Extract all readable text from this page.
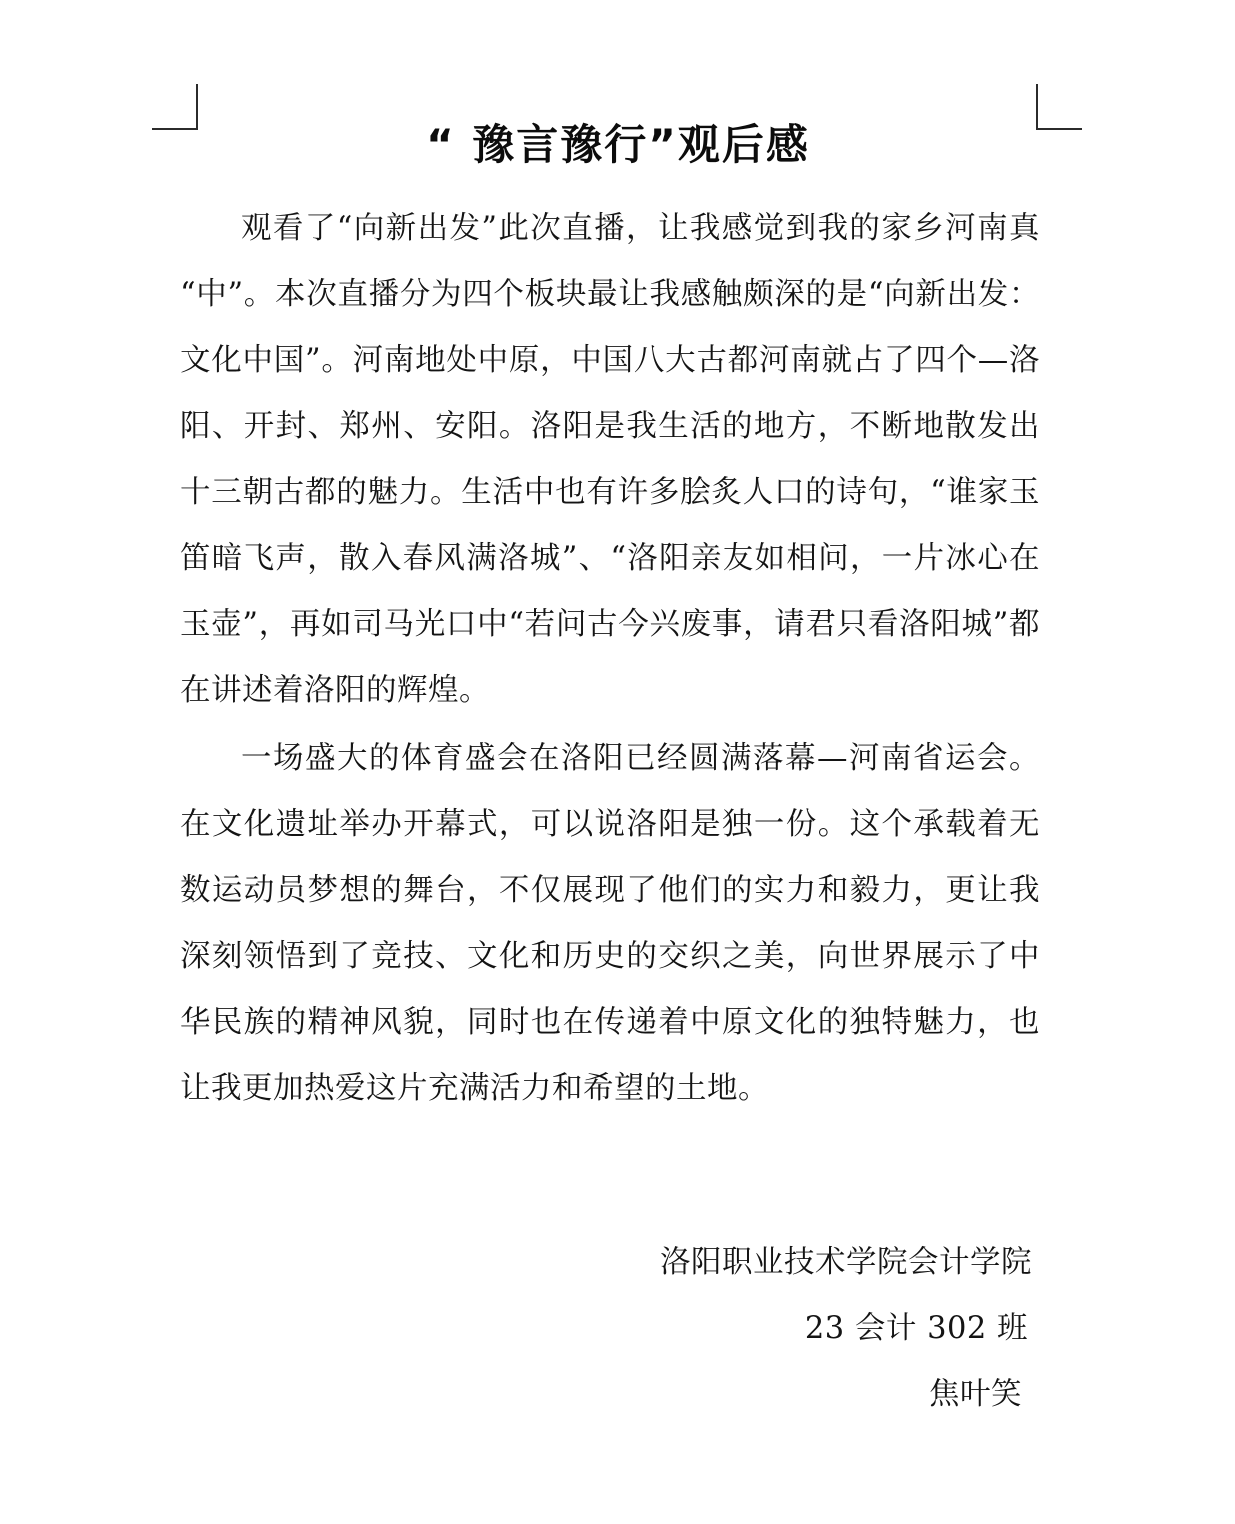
“ 豫言豫行”观后感

观看了“向新出发”此次直播，让我感觉到我的家乡河南真“中”。本次直播分为四个板块最让我感触颇深的是“向新出发：文化中国”。河南地处中原，中国八大古都河南就占了四个—洛阳、开封、郑州、安阳。洛阳是我生活的地方，不断地散发出十三朝古都的魅力。生活中也有许多脍炙人口的诗句，“谁家玉笛暗飞声，散入春风满洛城”、“洛阳亲友如相问，一片冰心在玉壶”，再如司马光口中“若问古今兴废事，请君只看洛阳城”都在讲述着洛阳的辉煌。

一场盛大的体育盛会在洛阳已经圆满落幕—河南省运会。在文化遗址举办开幕式，可以说洛阳是独一份。这个承载着无数运动员梦想的舞台，不仅展现了他们的实力和毅力，更让我深刻领悟到了竞技、文化和历史的交织之美，向世界展示了中华民族的精神风貌，同时也在传递着中原文化的独特魅力，也让我更加热爱这片充满活力和希望的土地。

洛阳职业技术学院会计学院
23 会计 302 班
焦叶笑
